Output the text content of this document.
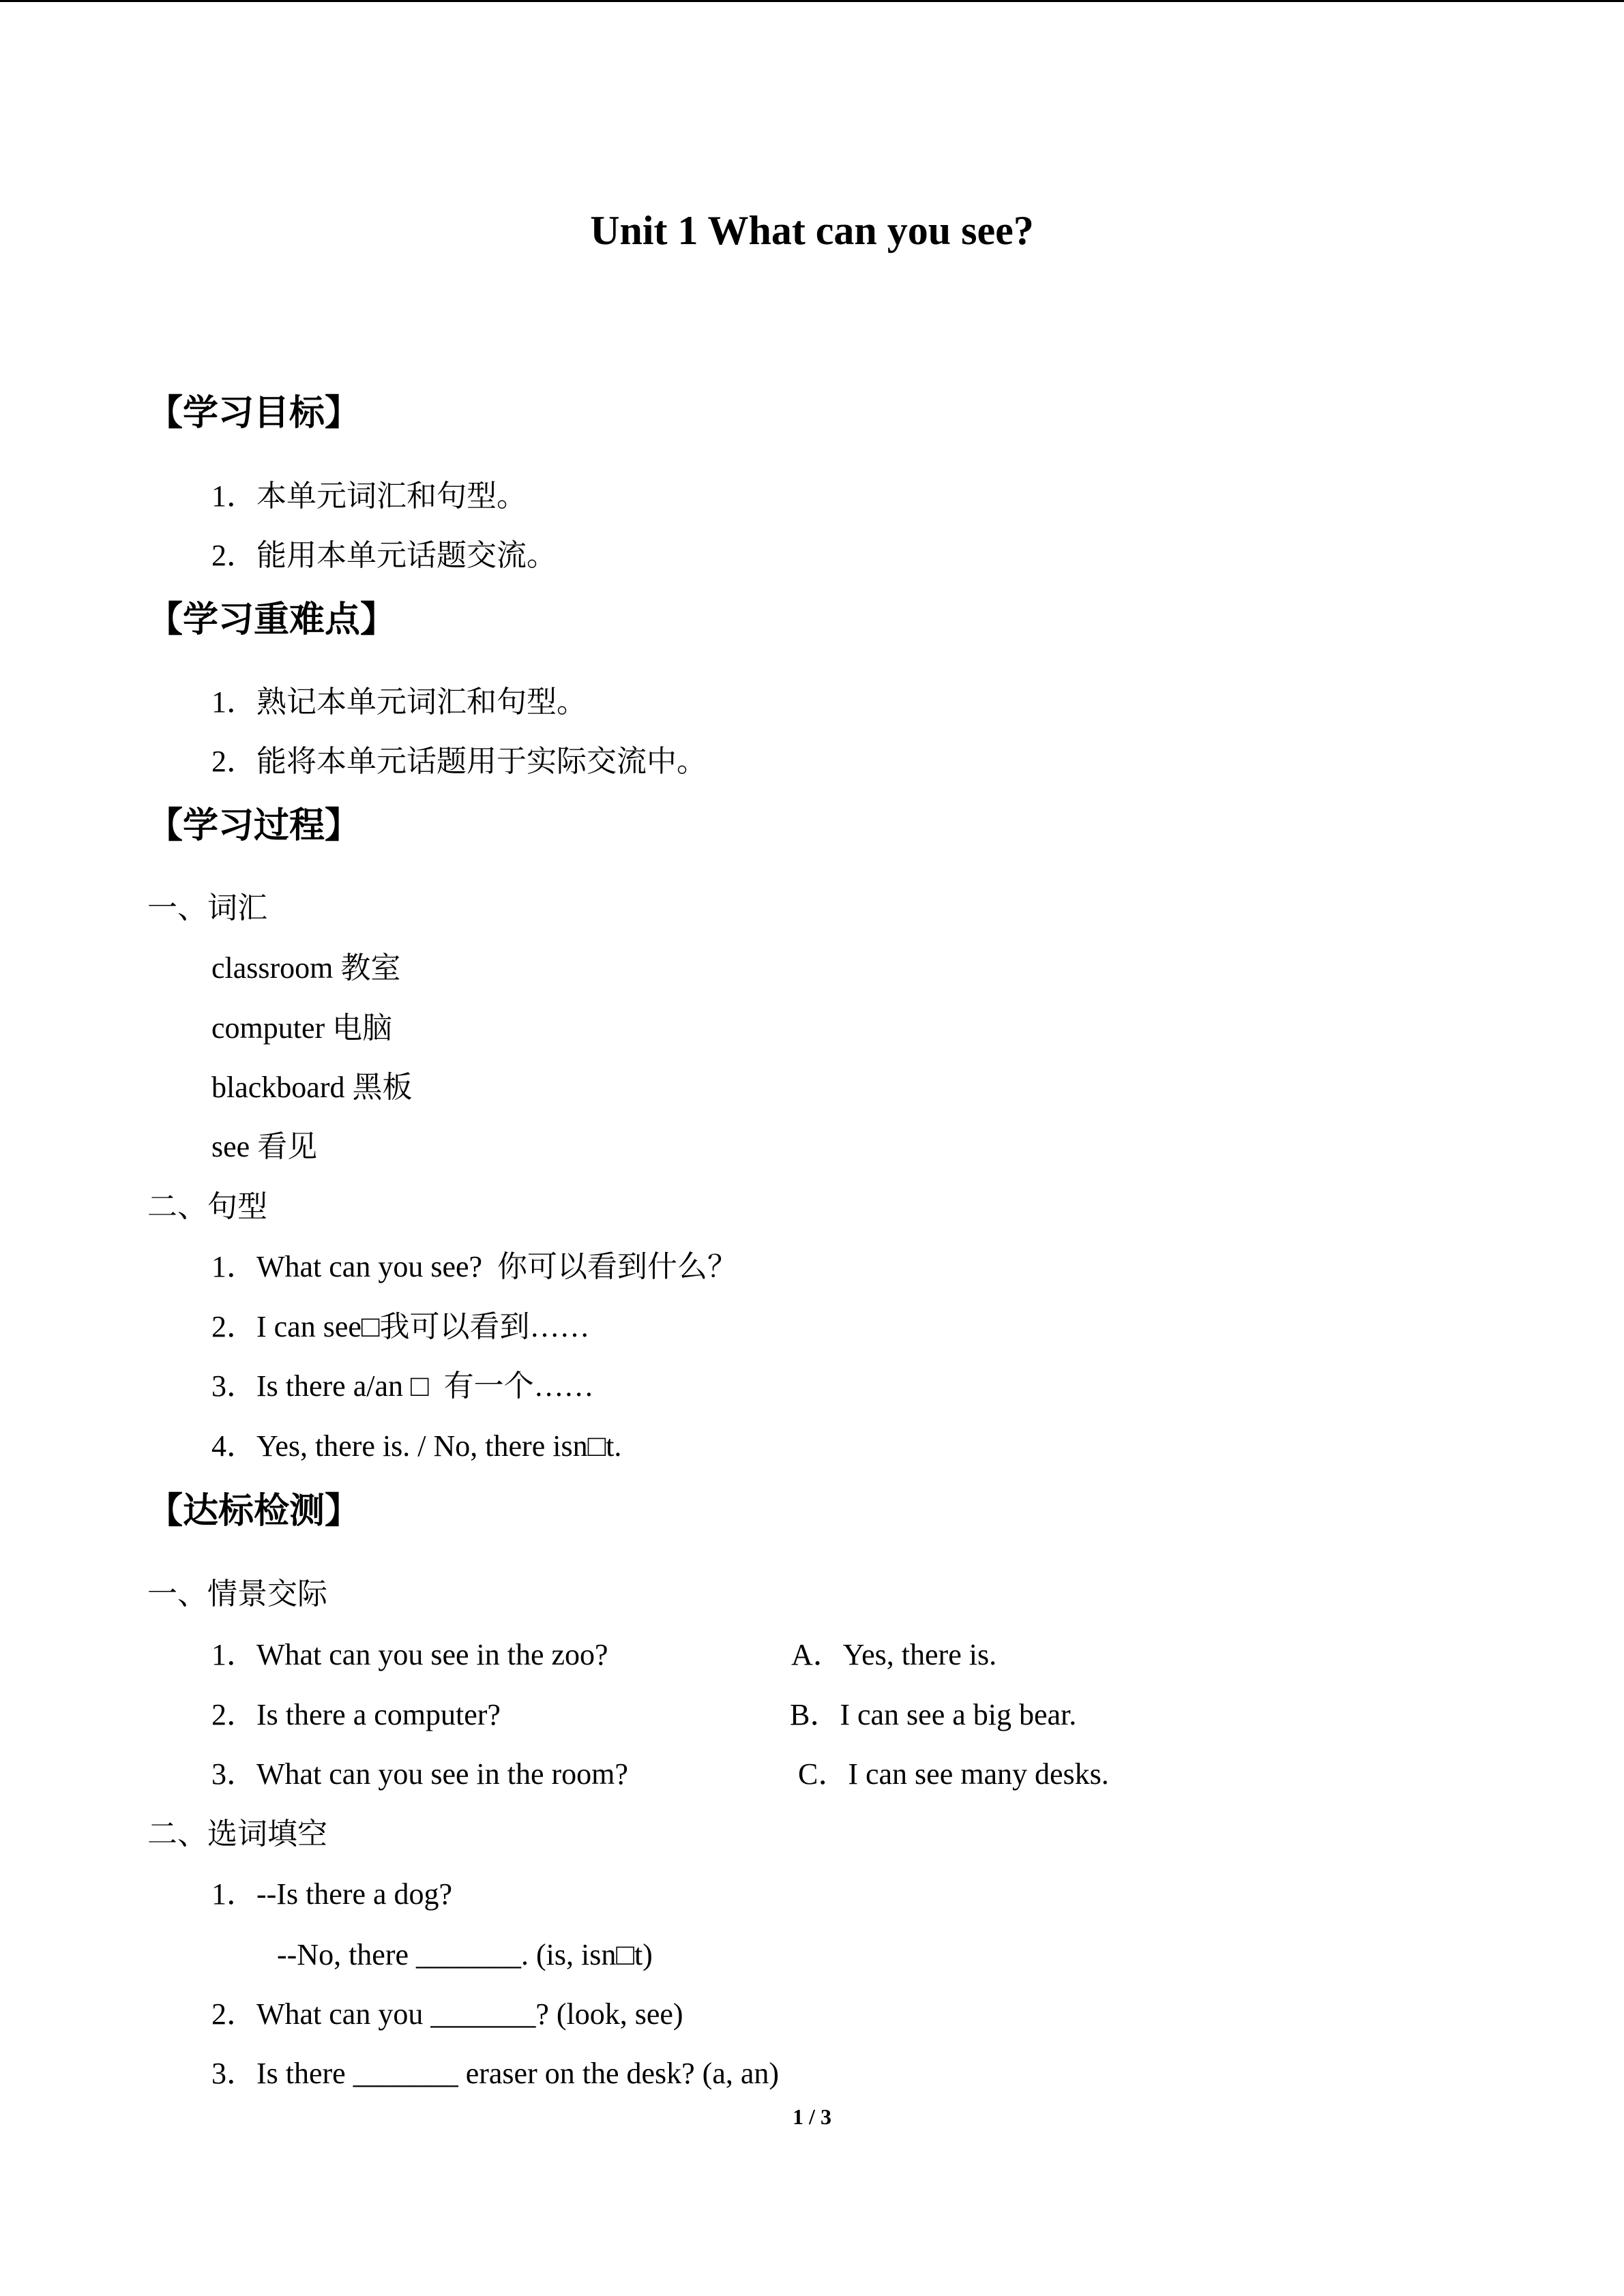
Unit 1 What can you see?
【学习目标】
1．本单元词汇和句型。
2．能用本单元话题交流。
【学习重难点】
1．熟记本单元词汇和句型。
2．能将本单元话题用于实际交流中。
【学习过程】
一、词汇
classroom 教室
computer 电脑
blackboard 黑板
see 看见
二、句型
1．What can you see?  你可以看到什么？
2．I can see□我可以看到……
3．Is there a/an □  有一个……
4．Yes, there is. / No, there isn□t.
【达标检测】
一、情景交际
1．What can you see in the zoo?	A．Yes, there is.
2．Is there a computer?	B．I can see a big bear.
3．What can you see in the room?	C．I can see many desks.
二、选词填空
1．--Is there a dog?
--No, there _______. (is, isn□t)
2．What can you _______? (look, see)
3．Is there _______ eraser on the desk? (a, an)
1 / 3
